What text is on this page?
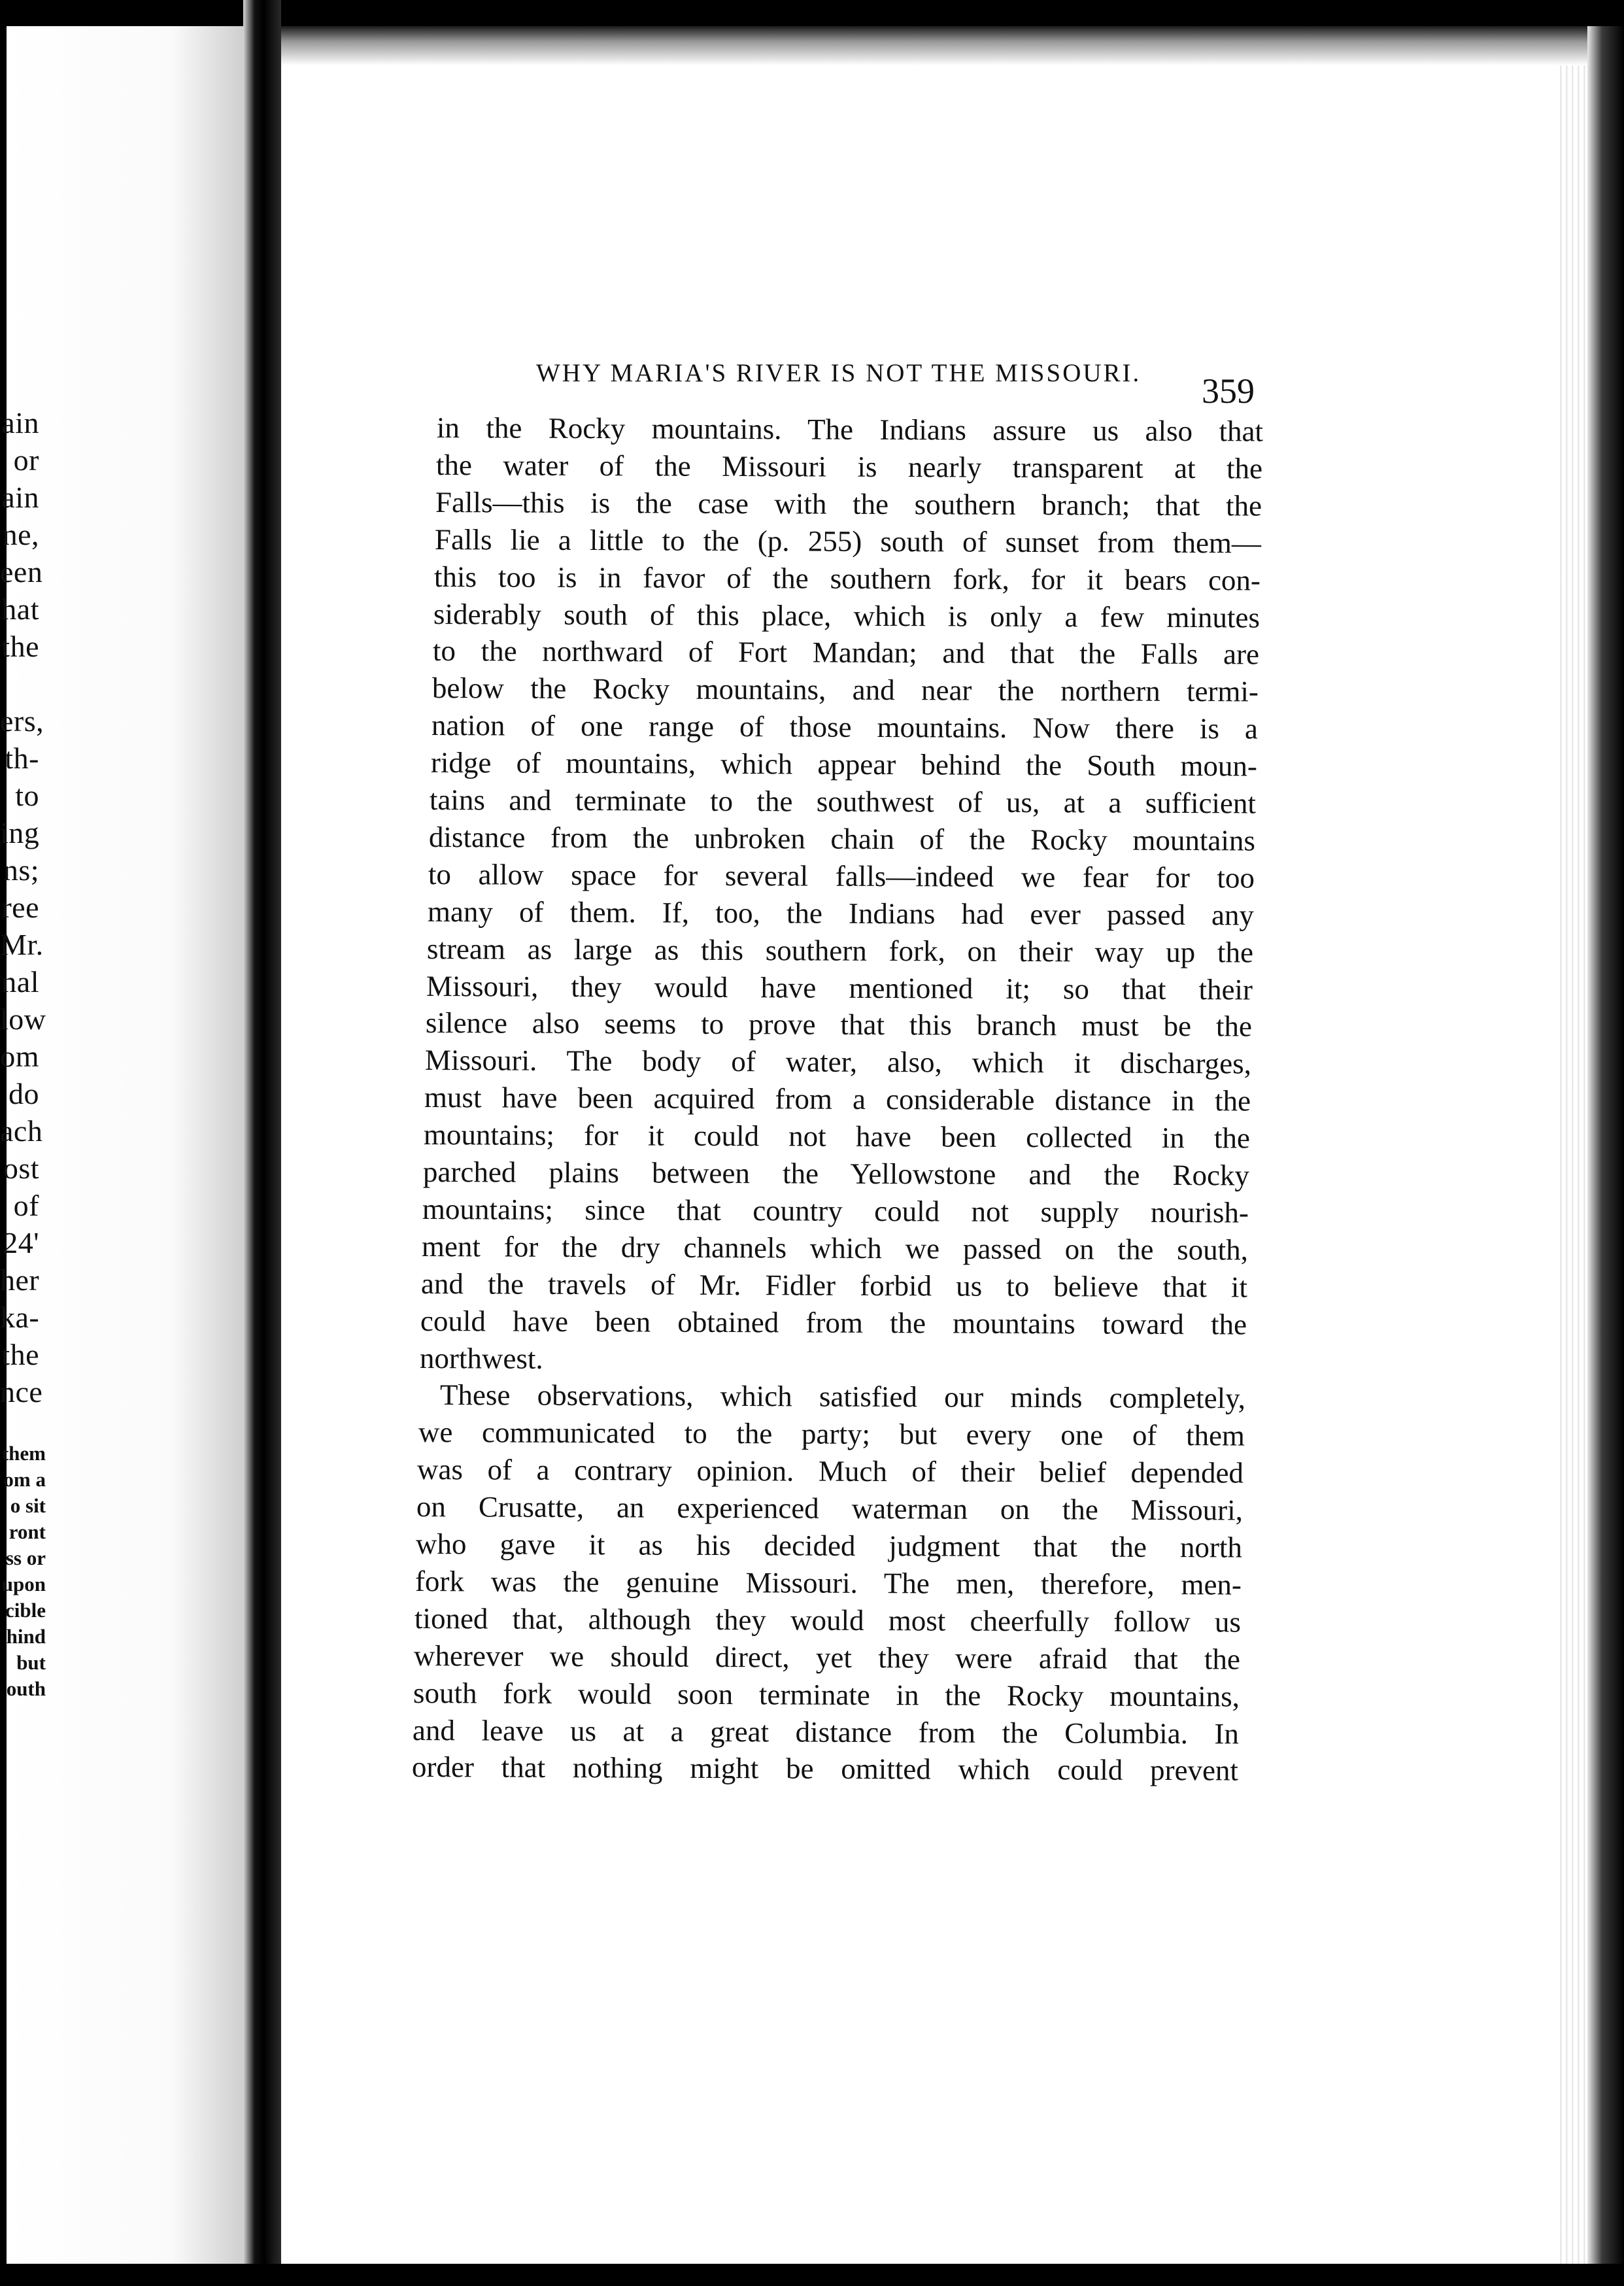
WHY MARIA'S RIVER IS NOT THE MISSOURI. 359
ain
or
ain
ne,
een
hat
the
ers,
th-
to
ing
ns;
ree
Mr.
nal
low
om
do
ach
ost
of
24'
her
ka-
the
nce
them
om a
o sit
ront
ss or
upon
cible
hind
but
outh
in the Rocky mountains. The Indians assure us also that
the water of the Missouri is nearly transparent at the
Falls—this is the case with the southern branch; that the
Falls lie a little to the (p. 255) south of sunset from them—
this too is in favor of the southern fork, for it bears con-
siderably south of this place, which is only a few minutes
to the northward of Fort Mandan; and that the Falls are
below the Rocky mountains, and near the northern termi-
nation of one range of those mountains. Now there is a
ridge of mountains, which appear behind the South moun-
tains and terminate to the southwest of us, at a sufficient
distance from the unbroken chain of the Rocky mountains
to allow space for several falls—indeed we fear for too
many of them. If, too, the Indians had ever passed any
stream as large as this southern fork, on their way up the
Missouri, they would have mentioned it; so that their
silence also seems to prove that this branch must be the
Missouri. The body of water, also, which it discharges,
must have been acquired from a considerable distance in the
mountains; for it could not have been collected in the
parched plains between the Yellowstone and the Rocky
mountains; since that country could not supply nourish-
ment for the dry channels which we passed on the south,
and the travels of Mr. Fidler forbid us to believe that it
could have been obtained from the mountains toward the
northwest.
These observations, which satisfied our minds completely,
we communicated to the party; but every one of them
was of a contrary opinion. Much of their belief depended
on Crusatte, an experienced waterman on the Missouri,
who gave it as his decided judgment that the north
fork was the genuine Missouri. The men, therefore, men-
tioned that, although they would most cheerfully follow us
wherever we should direct, yet they were afraid that the
south fork would soon terminate in the Rocky mountains,
and leave us at a great distance from the Columbia. In
order that nothing might be omitted which could prevent
